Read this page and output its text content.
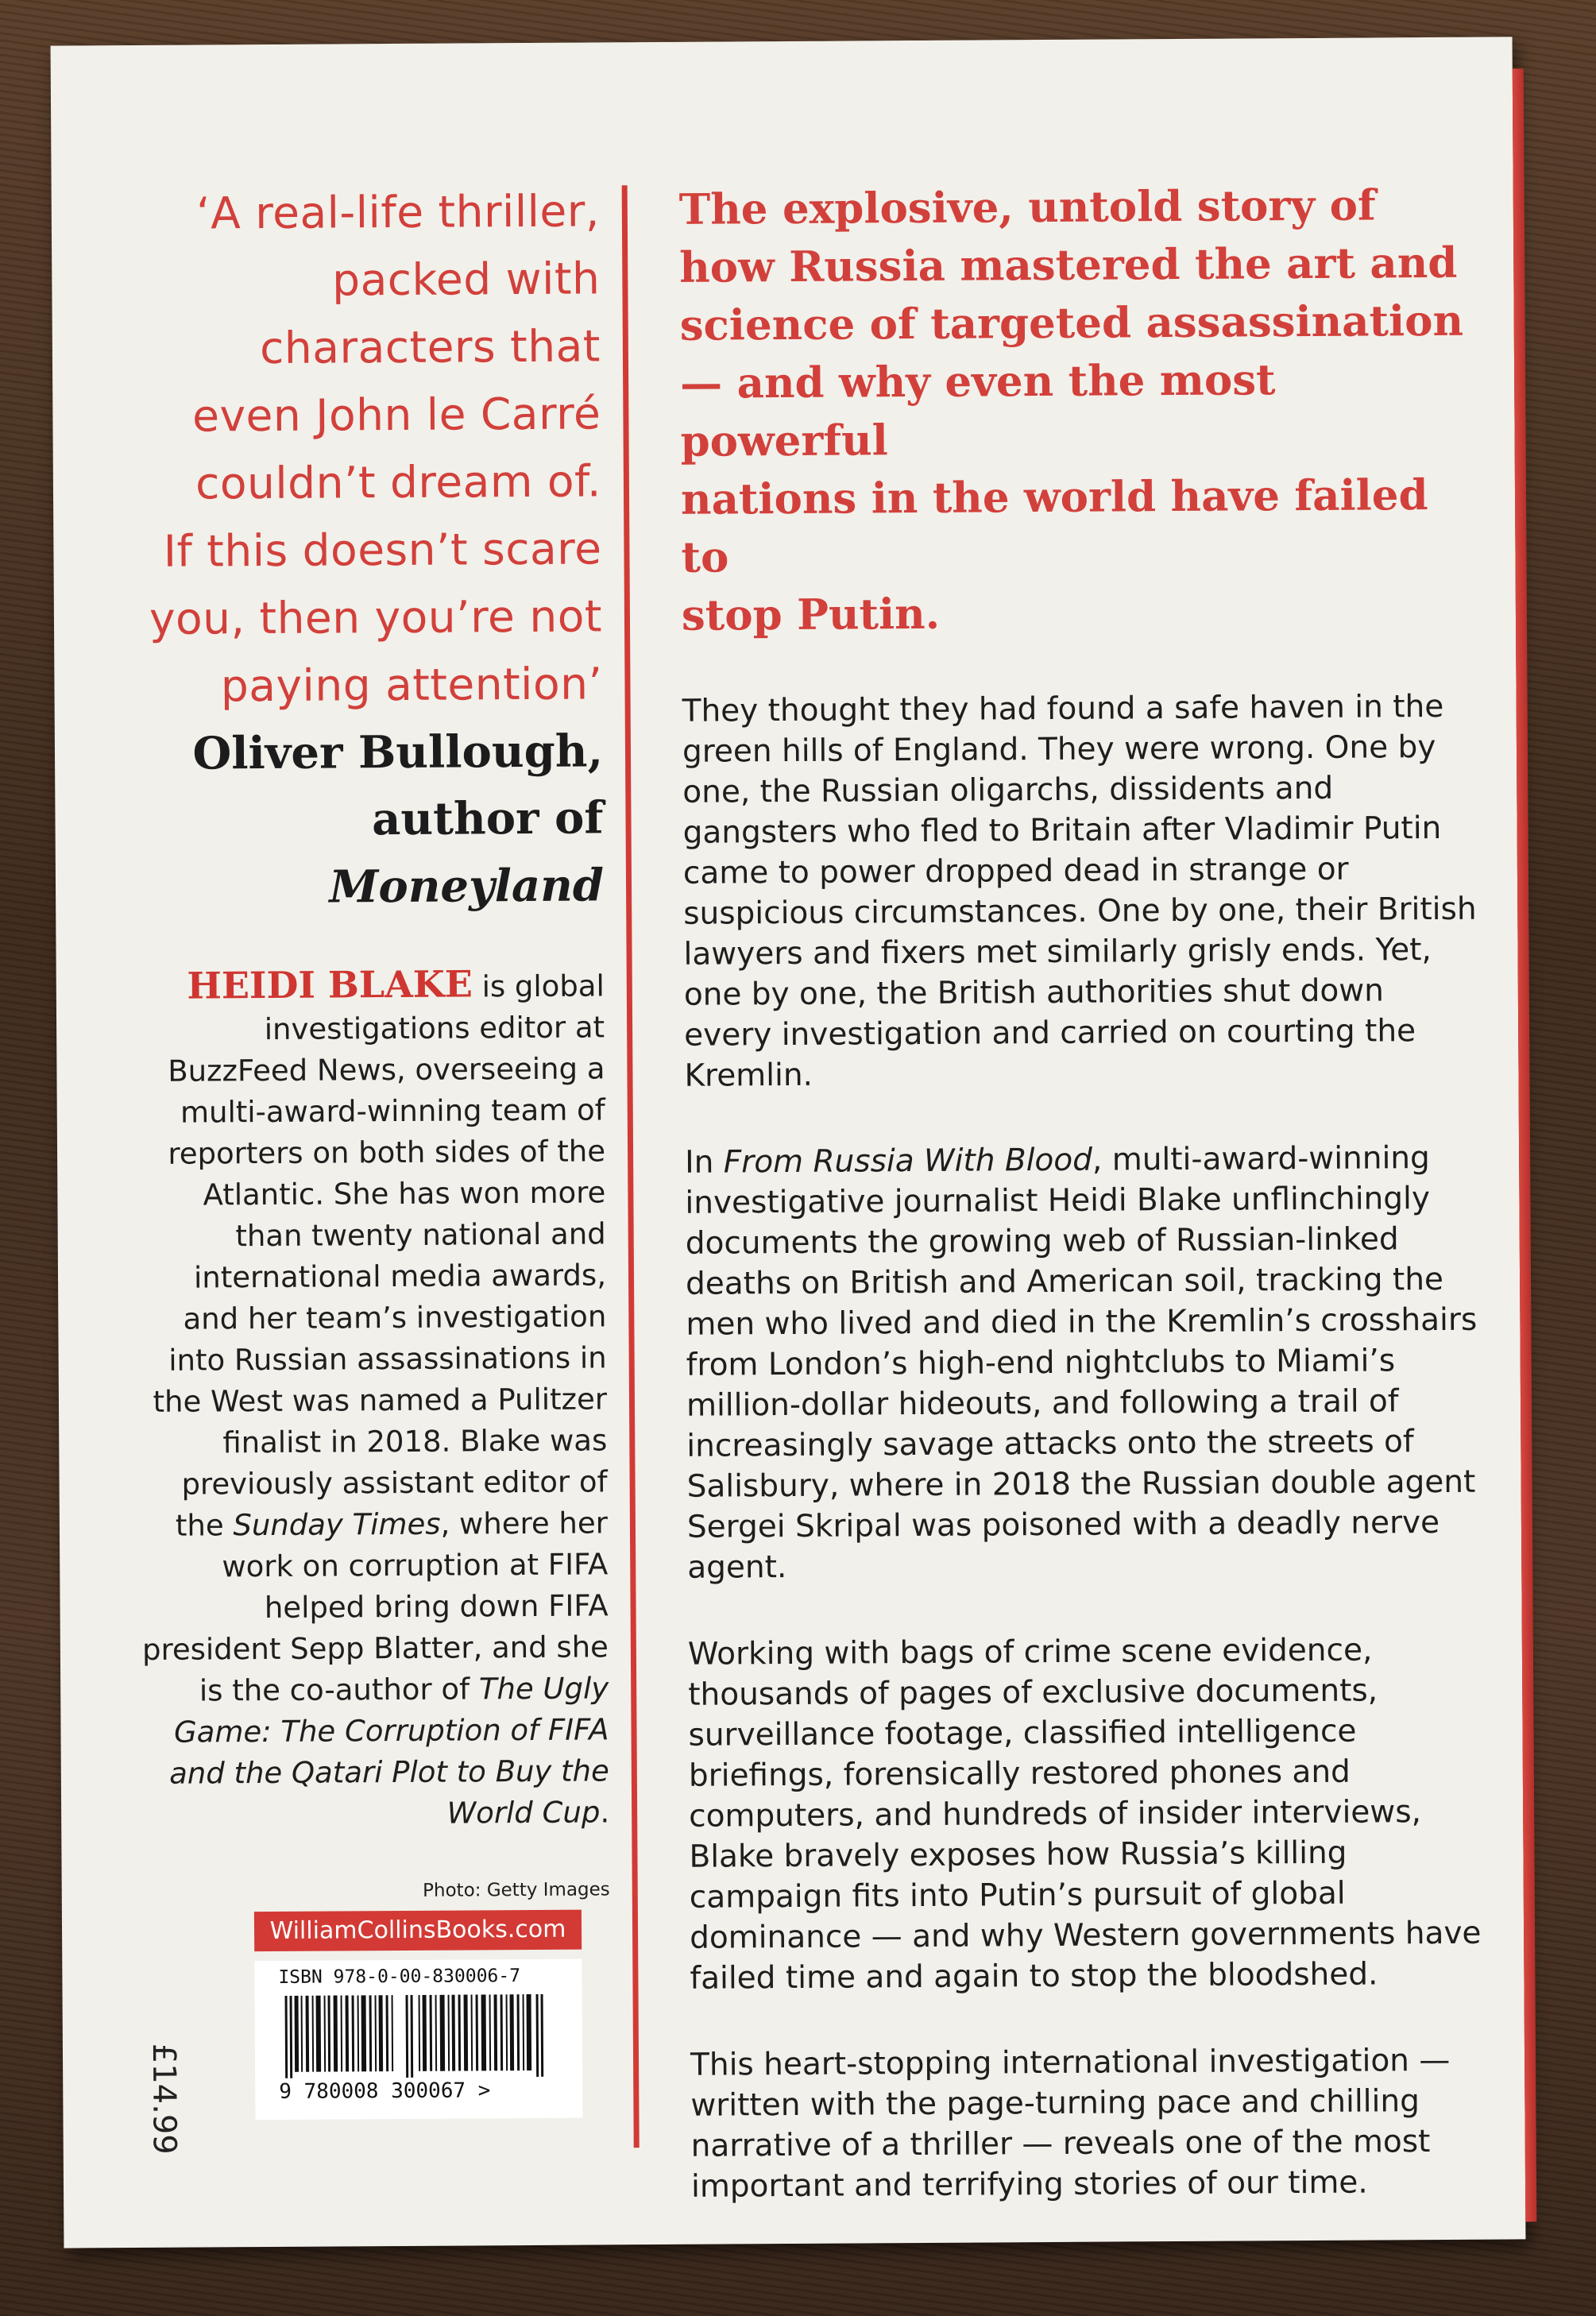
‘A real-life thriller,
packed with
characters that
even John le Carré
couldn’t dream of.
If this doesn’t scare
you, then you’re not
paying attention’

Oliver Bullough,
author of

Moneyland

HEIDI BLAKE is global investigations editor at BuzzFeed News, overseeing a multi-award-winning team of reporters on both sides of the Atlantic. She has won more than twenty national and international media awards, and her team’s investigation into Russian assassinations in the West was named a Pulitzer finalist in 2018. Blake was previously assistant editor of the Sunday Times, where her work on corruption at FIFA helped bring down FIFA president Sepp Blatter, and she is the co-author of The Ugly Game: The Corruption of FIFA and the Qatari Plot to Buy the World Cup.
Photo: Getty Images
WilliamCollinsBooks.com
ISBN 978-0-00-830006-7
9 780008 300067 >
£14.99

The explosive, untold story of
how Russia mastered the art and
science of targeted assassination
— and why even the most powerful
nations in the world have failed to
stop Putin.

They thought they had found a safe haven in the green hills of England. They were wrong. One by one, the Russian oligarchs, dissidents and gangsters who fled to Britain after Vladimir Putin came to power dropped dead in strange or suspicious circumstances. One by one, their British lawyers and fixers met similarly grisly ends. Yet, one by one, the British authorities shut down every investigation and carried on courting the Kremlin.

In From Russia With Blood, multi-award-winning investigative journalist Heidi Blake unflinchingly documents the growing web of Russian-linked deaths on British and American soil, tracking the men who lived and died in the Kremlin’s crosshairs from London’s high-end nightclubs to Miami’s million-dollar hideouts, and following a trail of increasingly savage attacks onto the streets of Salisbury, where in 2018 the Russian double agent Sergei Skripal was poisoned with a deadly nerve agent.

Working with bags of crime scene evidence, thousands of pages of exclusive documents, surveillance footage, classified intelligence briefings, forensically restored phones and computers, and hundreds of insider interviews, Blake bravely exposes how Russia’s killing campaign fits into Putin’s pursuit of global dominance — and why Western governments have failed time and again to stop the bloodshed.

This heart-stopping international investigation — written with the page-turning pace and chilling narrative of a thriller — reveals one of the most important and terrifying stories of our time.
